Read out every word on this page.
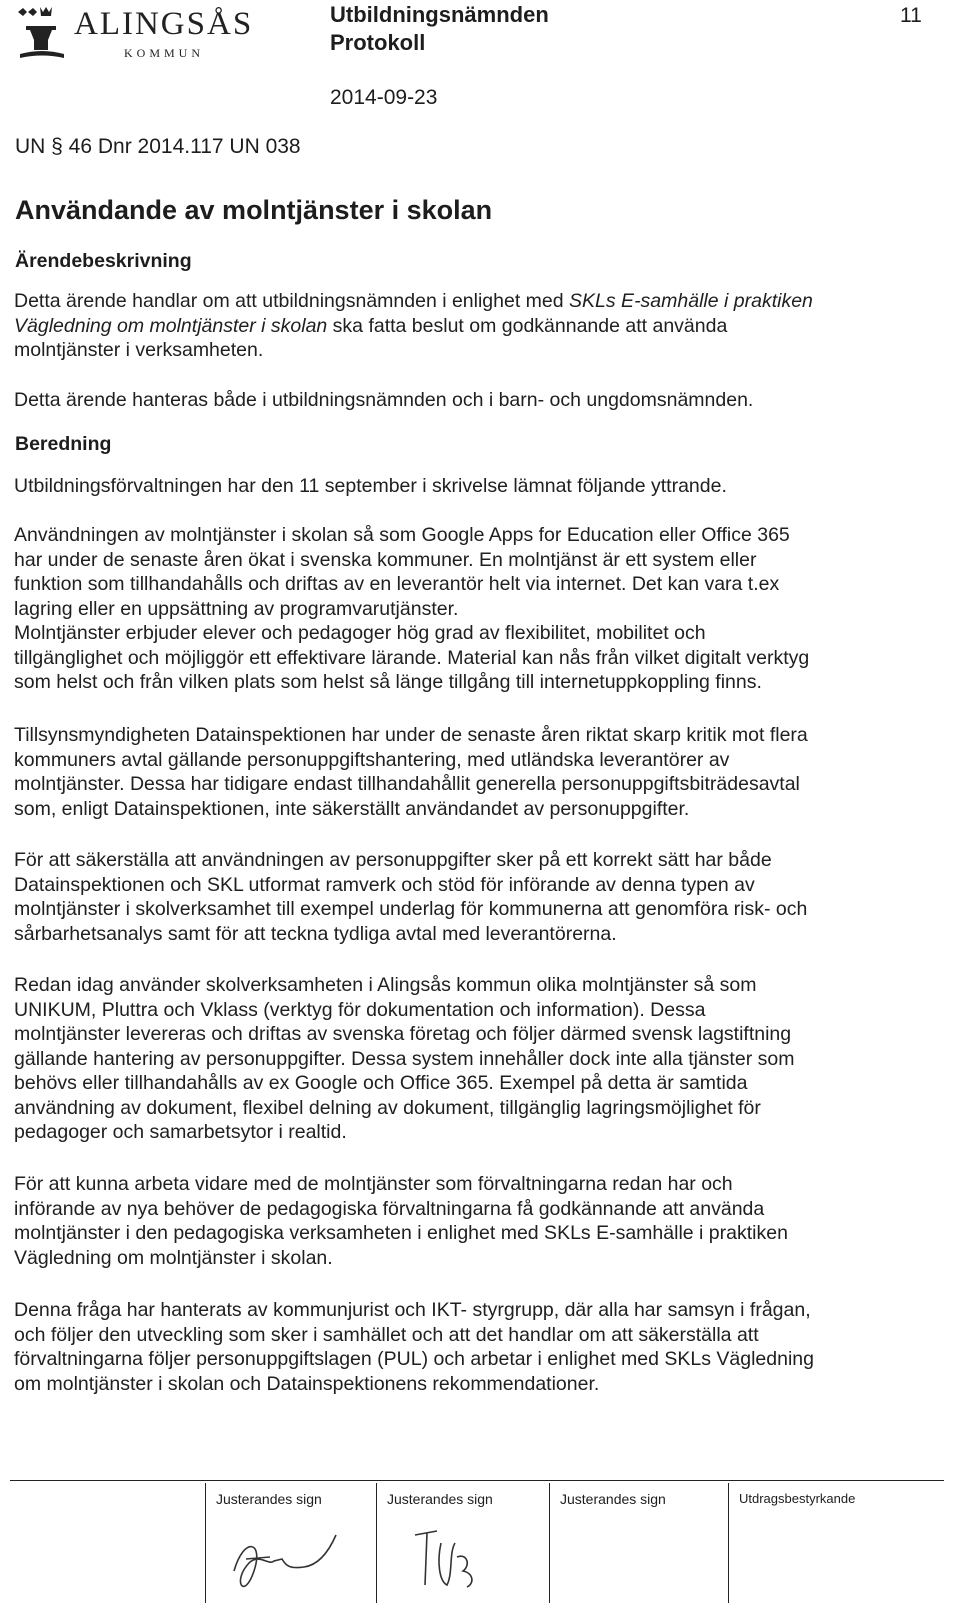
ALINGSÅS
KOMMUN
Utbildningsnämnden
Protokoll
11
2014-09-23
UN § 46 Dnr 2014.117 UN 038
Användande av molntjänster i skolan
Ärendebeskrivning
Detta ärende handlar om att utbildningsnämnden i enlighet med SKLs E-samhälle i praktiken
Vägledning om molntjänster i skolan ska fatta beslut om godkännande att använda
molntjänster i verksamheten.
Detta ärende hanteras både i utbildningsnämnden och i barn- och ungdomsnämnden.
Beredning
Utbildningsförvaltningen har den 11 september i skrivelse lämnat följande yttrande.
Användningen av molntjänster i skolan så som Google Apps for Education eller Office 365
har under de senaste åren ökat i svenska kommuner. En molntjänst är ett system eller
funktion som tillhandahålls och driftas av en leverantör helt via internet. Det kan vara t.ex
lagring eller en uppsättning av programvarutjänster.
Molntjänster erbjuder elever och pedagoger hög grad av flexibilitet, mobilitet och
tillgänglighet och möjliggör ett effektivare lärande. Material kan nås från vilket digitalt verktyg
som helst och från vilken plats som helst så länge tillgång till internetuppkoppling finns.
Tillsynsmyndigheten Datainspektionen har under de senaste åren riktat skarp kritik mot flera
kommuners avtal gällande personuppgiftshantering, med utländska leverantörer av
molntjänster. Dessa har tidigare endast tillhandahållit generella personuppgiftsbiträdesavtal
som, enligt Datainspektionen, inte säkerställt användandet av personuppgifter.
För att säkerställa att användningen av personuppgifter sker på ett korrekt sätt har både
Datainspektionen och SKL utformat ramverk och stöd för införande av denna typen av
molntjänster i skolverksamhet till exempel underlag för kommunerna att genomföra risk- och
sårbarhetsanalys samt för att teckna tydliga avtal med leverantörerna.
Redan idag använder skolverksamheten i Alingsås kommun olika molntjänster så som
UNIKUM, Pluttra och Vklass (verktyg för dokumentation och information). Dessa
molntjänster levereras och driftas av svenska företag och följer därmed svensk lagstiftning
gällande hantering av personuppgifter. Dessa system innehåller dock inte alla tjänster som
behövs eller tillhandahålls av ex Google och Office 365. Exempel på detta är samtida
användning av dokument, flexibel delning av dokument, tillgänglig lagringsmöjlighet för
pedagoger och samarbetsytor i realtid.
För att kunna arbeta vidare med de molntjänster som förvaltningarna redan har och
införande av nya behöver de pedagogiska förvaltningarna få godkännande att använda
molntjänster i den pedagogiska verksamheten i enlighet med SKLs E-samhälle i praktiken
Vägledning om molntjänster i skolan.
Denna fråga har hanterats av kommunjurist och IKT- styrgrupp, där alla har samsyn i frågan,
och följer den utveckling som sker i samhället och att det handlar om att säkerställa att
förvaltningarna följer personuppgiftslagen (PUL) och arbetar i enlighet med SKLs Vägledning
om molntjänster i skolan och Datainspektionens rekommendationer.
Justerandes sign	Justerandes sign	Justerandes sign	Utdragsbestyrkande
